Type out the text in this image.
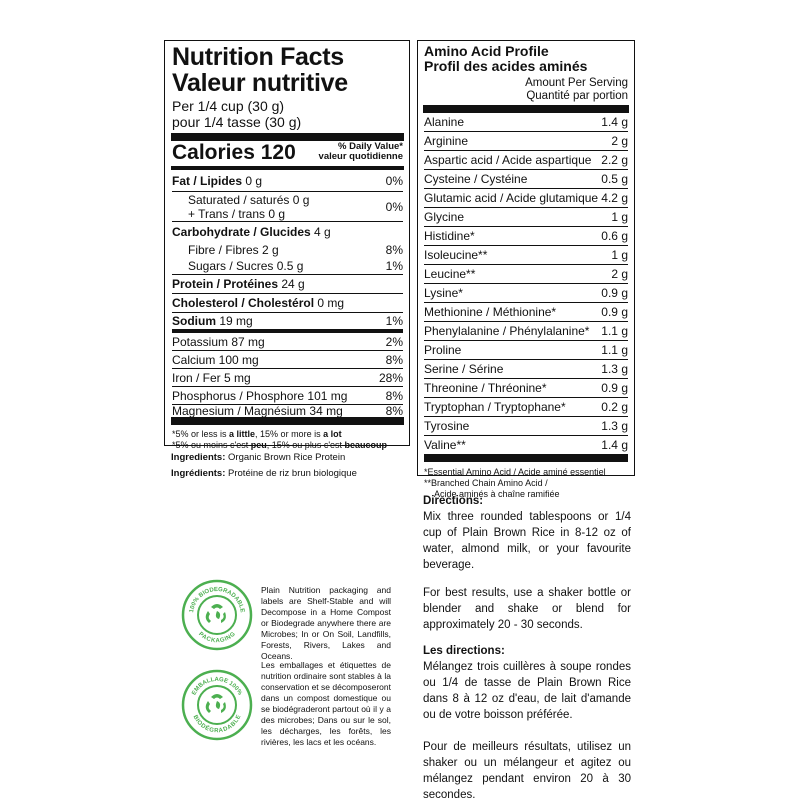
Nutrition Facts
Valeur nutritive
Per 1/4 cup (30 g)
pour 1/4 tasse (30 g)
Calories 120	% Daily Value*
valeur quotidienne
Fat / Lipides 0 g	0%
Saturated / saturés 0 g
+ Trans / trans 0 g	0%
Carbohydrate / Glucides 4 g
Fibre / Fibres 2 g	8%
Sugars / Sucres 0.5 g	1%
Protein / Protéines 24 g
Cholesterol / Cholestérol 0 mg
Sodium 19 mg	1%
Potassium 87 mg	2%
Calcium 100 mg	8%
Iron / Fer 5 mg	28%
Phosphorus / Phosphore 101 mg	8%
Magnesium / Magnésium 34 mg	8%
*5% or less is a little, 15% or more is a lot
*5% ou moins c'est peu, 15% ou plus c'est beaucoup
Amino Acid Profile
Profil des acides aminés
Amount Per Serving
Quantité par portion
Alanine	1.4 g
Arginine	2 g
Aspartic acid / Acide aspartique 2.2 g
Cysteine / Cystéine	0.5 g
Glutamic acid / Acide glutamique 4.2 g
Glycine	1 g
Histidine*	0.6 g
Isoleucine**	1 g
Leucine**	2 g
Lysine*	0.9 g
Methionine / Méthionine*	0.9 g
Phenylalanine / Phénylalanine* 1.1 g
Proline	1.1 g
Serine / Sérine	1.3 g
Threonine / Thréonine*	0.9 g
Tryptophan / Tryptophane*	0.2 g
Tyrosine	1.3 g
Valine**	1.4 g
*Essential Amino Acid / Acide aminé essentiel
**Branched Chain Amino Acid /
Acide aminés à chaîne ramifiée
Ingredients: Organic Brown Rice Protein
Ingrédients: Protéine de riz brun biologique
Directions:

Mix three rounded tablespoons or 1/4 cup of Plain Brown Rice in 8-12 oz of water, almond milk, or your favourite beverage.

For best results, use a shaker bottle or blender and shake or blend for approximately 20 - 30 seconds.

Les directions:

Mélangez trois cuillères à soupe rondes ou 1/4 de tasse de Plain Brown Rice dans 8 à 12 oz d'eau, de lait d'amande ou de votre boisson préférée.

Pour de meilleurs résultats, utilisez un shaker ou un mélangeur et agitez ou mélangez pendant environ 20 à 30 secondes.

100% BIODEGRADABLE
PACKAGING
EMBALLAGE 100%
BIODÉGRADABLE
Plain Nutrition packaging and labels are Shelf-Stable and will Decompose in a Home Compost or Biodegrade anywhere there are Microbes; In or On Soil, Landfills, Forests, Rivers, Lakes and Oceans.
Les emballages et étiquettes de nutrition ordinaire sont stables à la conservation et se décomposeront dans un compost domestique ou se biodégraderont partout où il y a des microbes; Dans ou sur le sol, les décharges, les forêts, les rivières, les lacs et les océans.
